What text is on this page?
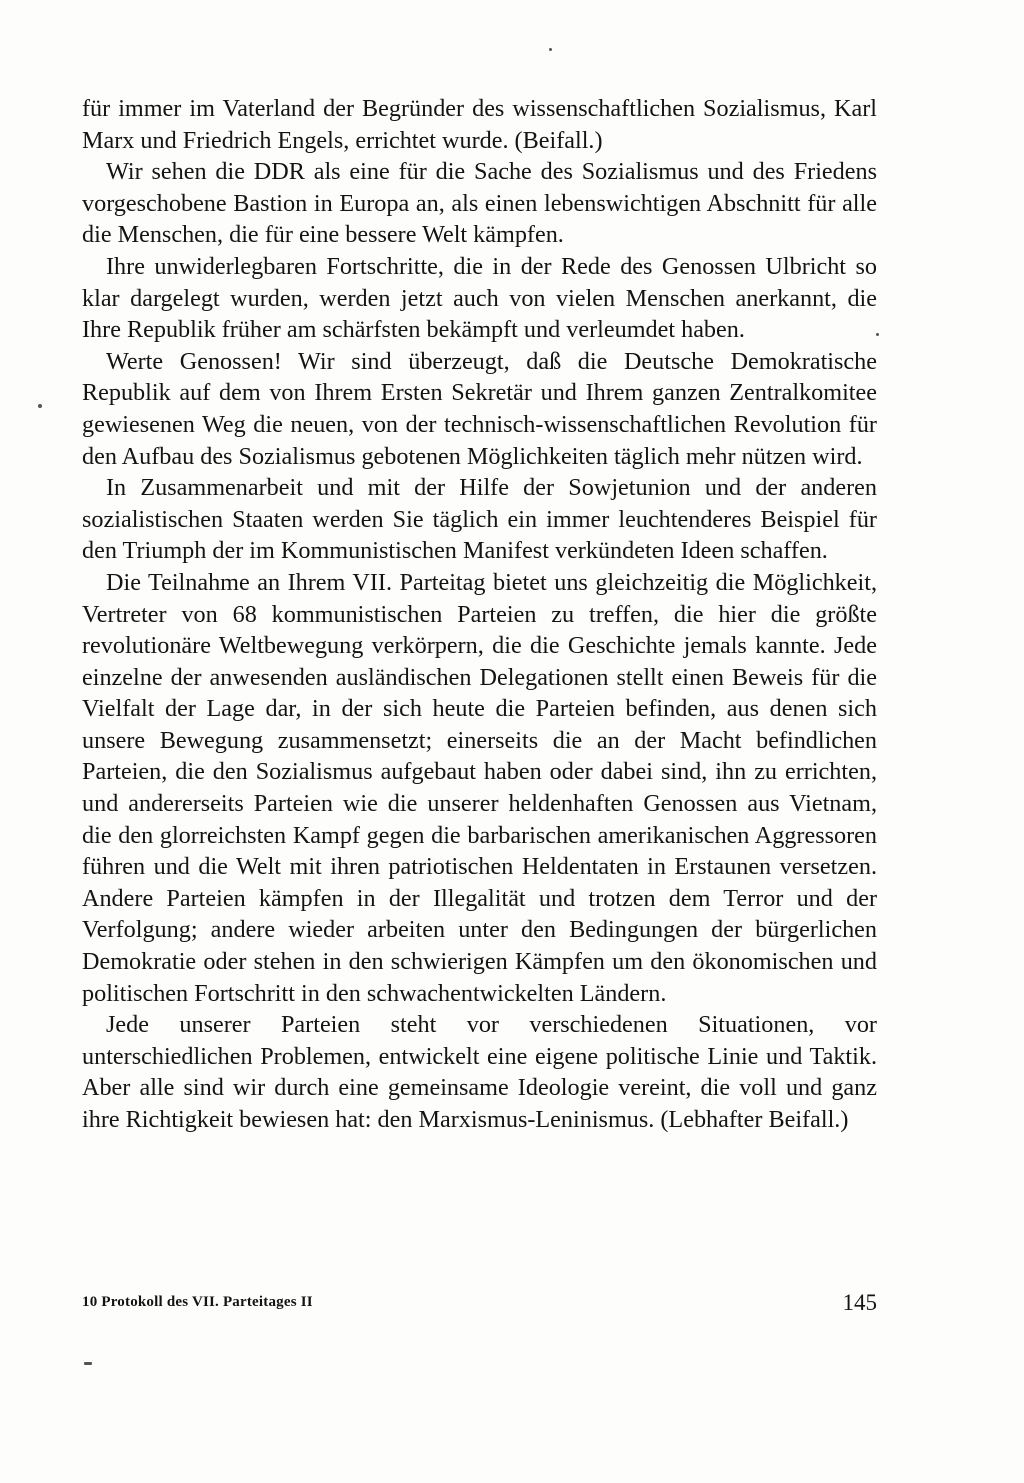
für immer im Vaterland der Begründer des wissenschaftlichen Sozialismus, Karl Marx und Friedrich Engels, errichtet wurde. (Beifall.)

Wir sehen die DDR als eine für die Sache des Sozialismus und des Friedens vorgeschobene Bastion in Europa an, als einen lebenswichtigen Abschnitt für alle die Menschen, die für eine bessere Welt kämpfen.

Ihre unwiderlegbaren Fortschritte, die in der Rede des Genossen Ulbricht so klar dargelegt wurden, werden jetzt auch von vielen Menschen anerkannt, die Ihre Republik früher am schärfsten bekämpft und verleumdet haben.

Werte Genossen! Wir sind überzeugt, daß die Deutsche Demokratische Republik auf dem von Ihrem Ersten Sekretär und Ihrem ganzen Zentralkomitee gewiesenen Weg die neuen, von der technisch-wissenschaftlichen Revolution für den Aufbau des Sozialismus gebotenen Möglichkeiten täglich mehr nützen wird.

In Zusammenarbeit und mit der Hilfe der Sowjetunion und der anderen sozialistischen Staaten werden Sie täglich ein immer leuchtenderes Beispiel für den Triumph der im Kommunistischen Manifest verkündeten Ideen schaffen.

Die Teilnahme an Ihrem VII. Parteitag bietet uns gleichzeitig die Möglichkeit, Vertreter von 68 kommunistischen Parteien zu treffen, die hier die größte revolutionäre Weltbewegung verkörpern, die die Geschichte jemals kannte. Jede einzelne der anwesenden ausländischen Delegationen stellt einen Beweis für die Vielfalt der Lage dar, in der sich heute die Parteien befinden, aus denen sich unsere Bewegung zusammensetzt; einerseits die an der Macht befindlichen Parteien, die den Sozialismus aufgebaut haben oder dabei sind, ihn zu errichten, und andererseits Parteien wie die unserer heldenhaften Genossen aus Vietnam, die den glorreichsten Kampf gegen die barbarischen amerikanischen Aggressoren führen und die Welt mit ihren patriotischen Heldentaten in Erstaunen versetzen. Andere Parteien kämpfen in der Illegalität und trotzen dem Terror und der Verfolgung; andere wieder arbeiten unter den Bedingungen der bürgerlichen Demokratie oder stehen in den schwierigen Kämpfen um den ökonomischen und politischen Fortschritt in den schwachentwickelten Ländern.

Jede unserer Parteien steht vor verschiedenen Situationen, vor unterschiedlichen Problemen, entwickelt eine eigene politische Linie und Taktik. Aber alle sind wir durch eine gemeinsame Ideologie vereint, die voll und ganz ihre Richtigkeit bewiesen hat: den Marxismus-Leninismus. (Lebhafter Beifall.)

10 Protokoll des VII. Parteitages II	145
